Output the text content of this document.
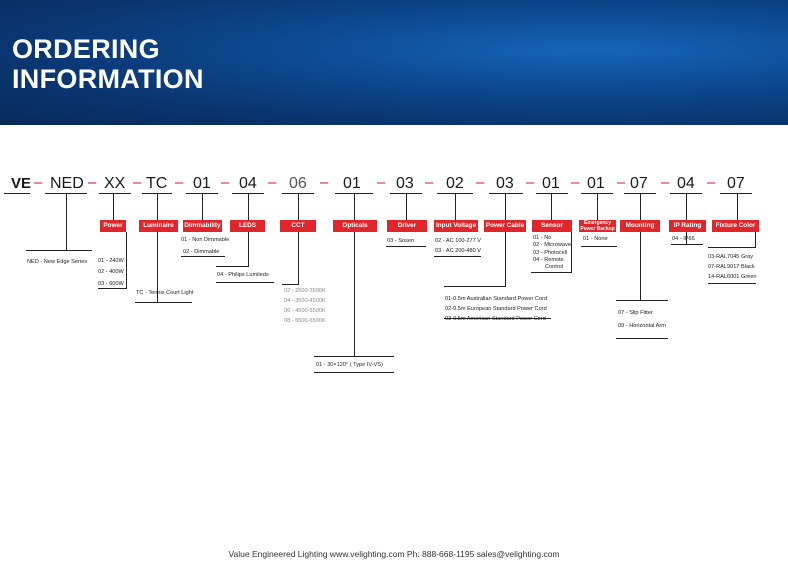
ORDERING
INFORMATION
VE – NED – XX – TC – 01 – 04 – 06 – 01 – 03 – 02 – 03 – 01 – 01 – 07 – 04 – 07
Power	Luminaire	Dimmability	LEDS	CCT	Opticals	Driver	Input Voltage	Power Cable	Sensor	Emergency
Power Backup	Mounting	IP Rating	Fixture Color
NED - New Edge Series 01 - 240W
02 - 400W
03 - 600W
TC - Tennis Court Light
01 - Non Dimmable
02 - Dimmable
04 - Philips Lumileds
02 - 2500-3500K
04 - 3500-4500K
06 - 4500-5500K
08 - 5500-6500K
01 - 30×120° ( Type IV-VS)
03 - Sosen	02 - AC 100-277 V
03 - AC 200-480 V
01-0.5m Australian Standard Power Cord
02-0.5m European Standard Power Cord
03-0.5m American Standard Power Cord
01 - No
02 - Microwave
03 - Photocell
04 - Remote
Control
01 - None
07 - Slip Fitter
09 - Horizontal Arm
04 - IP66
03-RAL7045 Gray
07-RAL9017 Black
14-RAL6001 Green
Value Engineered Lighting www.velighting.com Ph: 888-668-1195 sales@velighting.com
